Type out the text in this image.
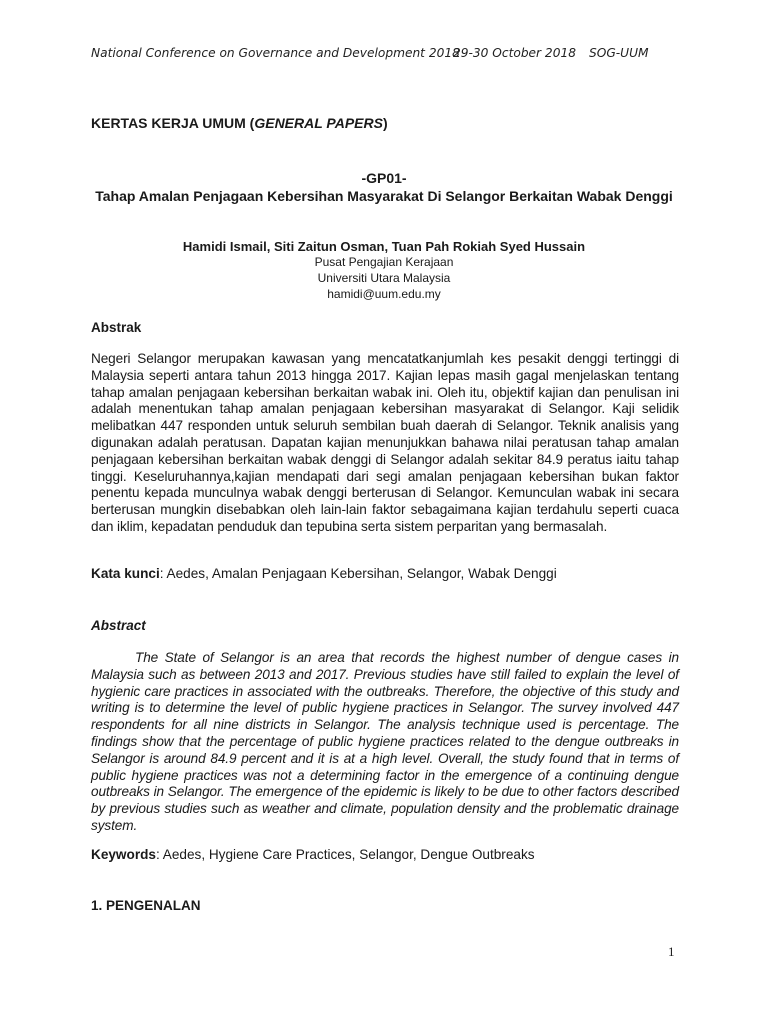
National Conference on Governance and Development 2018
29-30 October 2018 SOG-UUM
KERTAS KERJA UMUM (GENERAL PAPERS)
-GP01-
Tahap Amalan Penjagaan Kebersihan Masyarakat Di Selangor Berkaitan Wabak Denggi
Hamidi Ismail, Siti Zaitun Osman, Tuan Pah Rokiah Syed Hussain
Pusat Pengajian Kerajaan
Universiti Utara Malaysia
hamidi@uum.edu.my
Abstrak

Negeri Selangor merupakan kawasan yang mencatatkanjumlah kes pesakit denggi tertinggi di Malaysia seperti antara tahun 2013 hingga 2017. Kajian lepas masih gagal menjelaskan tentang tahap amalan penjagaan kebersihan berkaitan wabak ini. Oleh itu, objektif kajian dan penulisan ini adalah menentukan tahap amalan penjagaan kebersihan masyarakat di Selangor. Kaji selidik melibatkan 447 responden untuk seluruh sembilan buah daerah di Selangor. Teknik analisis yang digunakan adalah peratusan. Dapatan kajian menunjukkan bahawa nilai peratusan tahap amalan penjagaan kebersihan berkaitan wabak denggi di Selangor adalah sekitar 84.9 peratus iaitu tahap tinggi. Keseluruhannya,kajian mendapati dari segi amalan penjagaan kebersihan bukan faktor penentu kepada munculnya wabak denggi berterusan di Selangor. Kemunculan wabak ini secara berterusan mungkin disebabkan oleh lain-lain faktor sebagaimana kajian terdahulu seperti cuaca dan iklim, kepadatan penduduk dan tepubina serta sistem perparitan yang bermasalah.

Kata kunci: Aedes, Amalan Penjagaan Kebersihan, Selangor, Wabak Denggi
Abstract

The State of Selangor is an area that records the highest number of dengue cases in Malaysia such as between 2013 and 2017. Previous studies have still failed to explain the level of hygienic care practices in associated with the outbreaks. Therefore, the objective of this study and writing is to determine the level of public hygiene practices in Selangor. The survey involved 447 respondents for all nine districts in Selangor. The analysis technique used is percentage. The findings show that the percentage of public hygiene practices related to the dengue outbreaks in Selangor is around 84.9 percent and it is at a high level. Overall, the study found that in terms of public hygiene practices was not a determining factor in the emergence of a continuing dengue outbreaks in Selangor. The emergence of the epidemic is likely to be due to other factors described by previous studies such as weather and climate, population density and the problematic drainage system.

Keywords: Aedes, Hygiene Care Practices, Selangor, Dengue Outbreaks
1. PENGENALAN
1
